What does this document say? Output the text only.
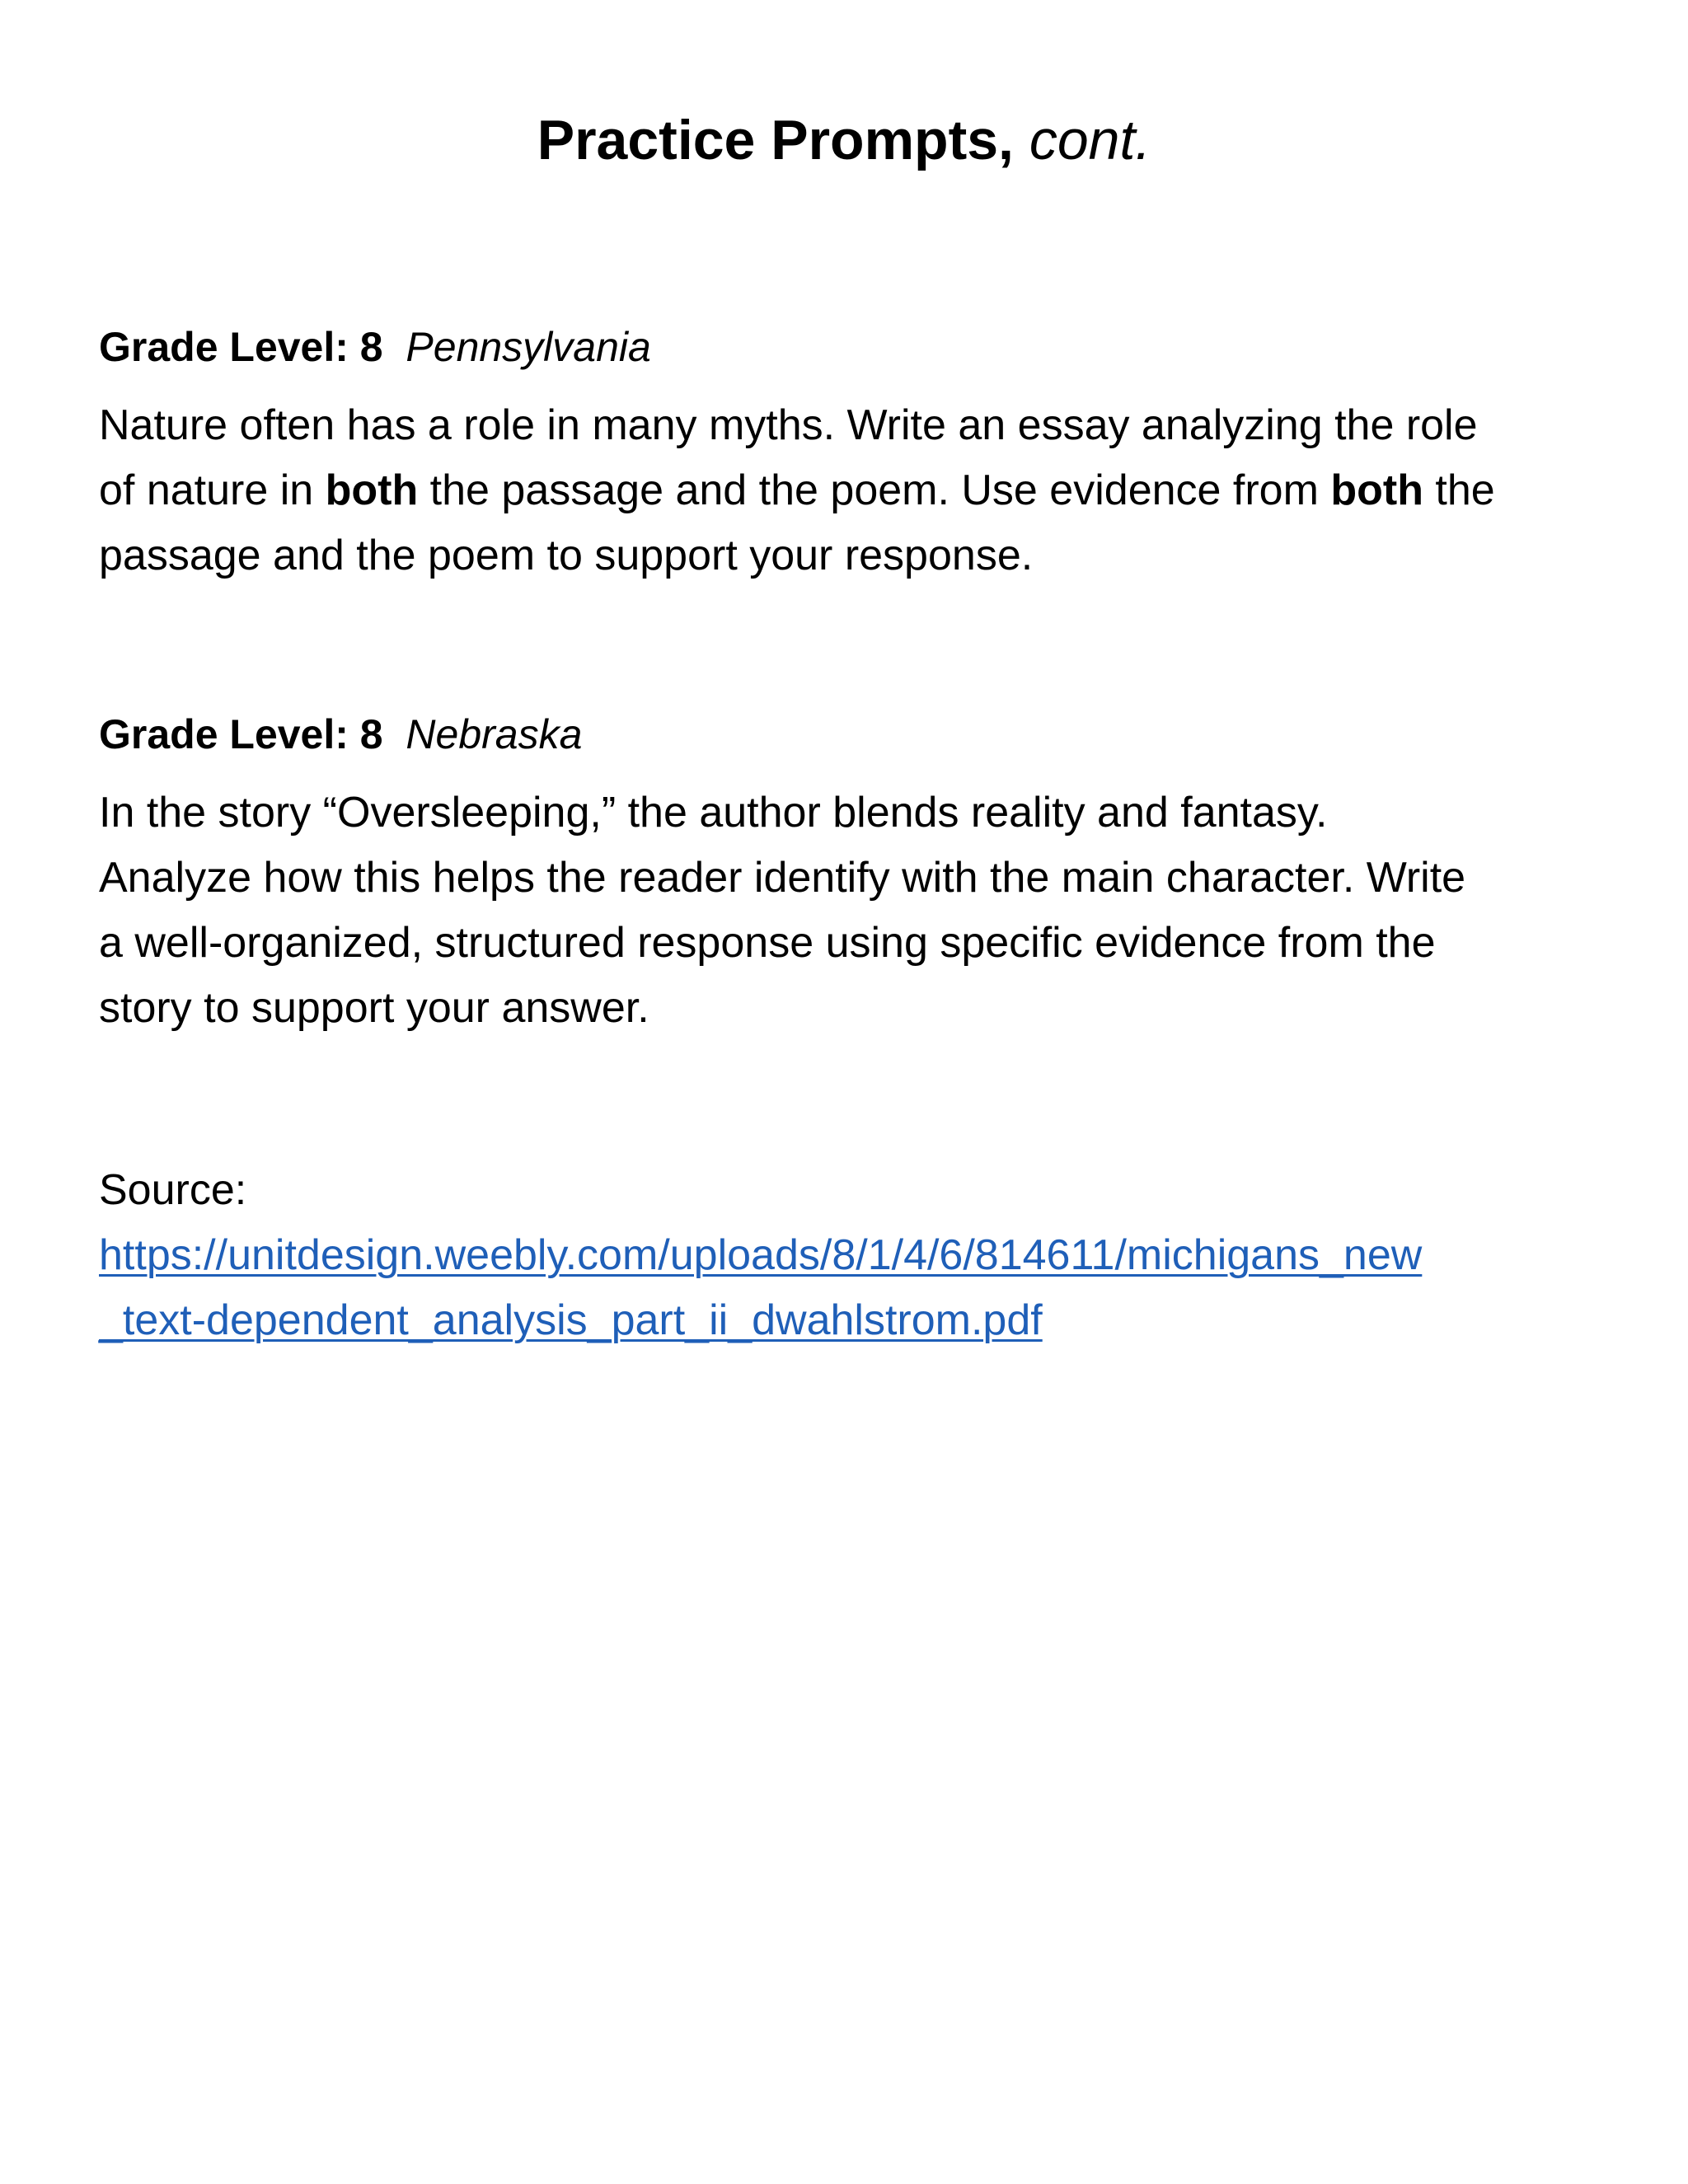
Practice Prompts, cont.
Grade Level: 8 Pennsylvania
Nature often has a role in many myths. Write an essay analyzing the role
of nature in both the passage and the poem. Use evidence from both the
passage and the poem to support your response.
Grade Level: 8 Nebraska
In the story “Oversleeping,” the author blends reality and fantasy.
Analyze how this helps the reader identify with the main character. Write
a well-organized, structured response using specific evidence from the
story to support your answer.
Source:
https://unitdesign.weebly.com/uploads/8/1/4/6/814611/michigans_new
_text-dependent_analysis_part_ii_dwahlstrom.pdf
